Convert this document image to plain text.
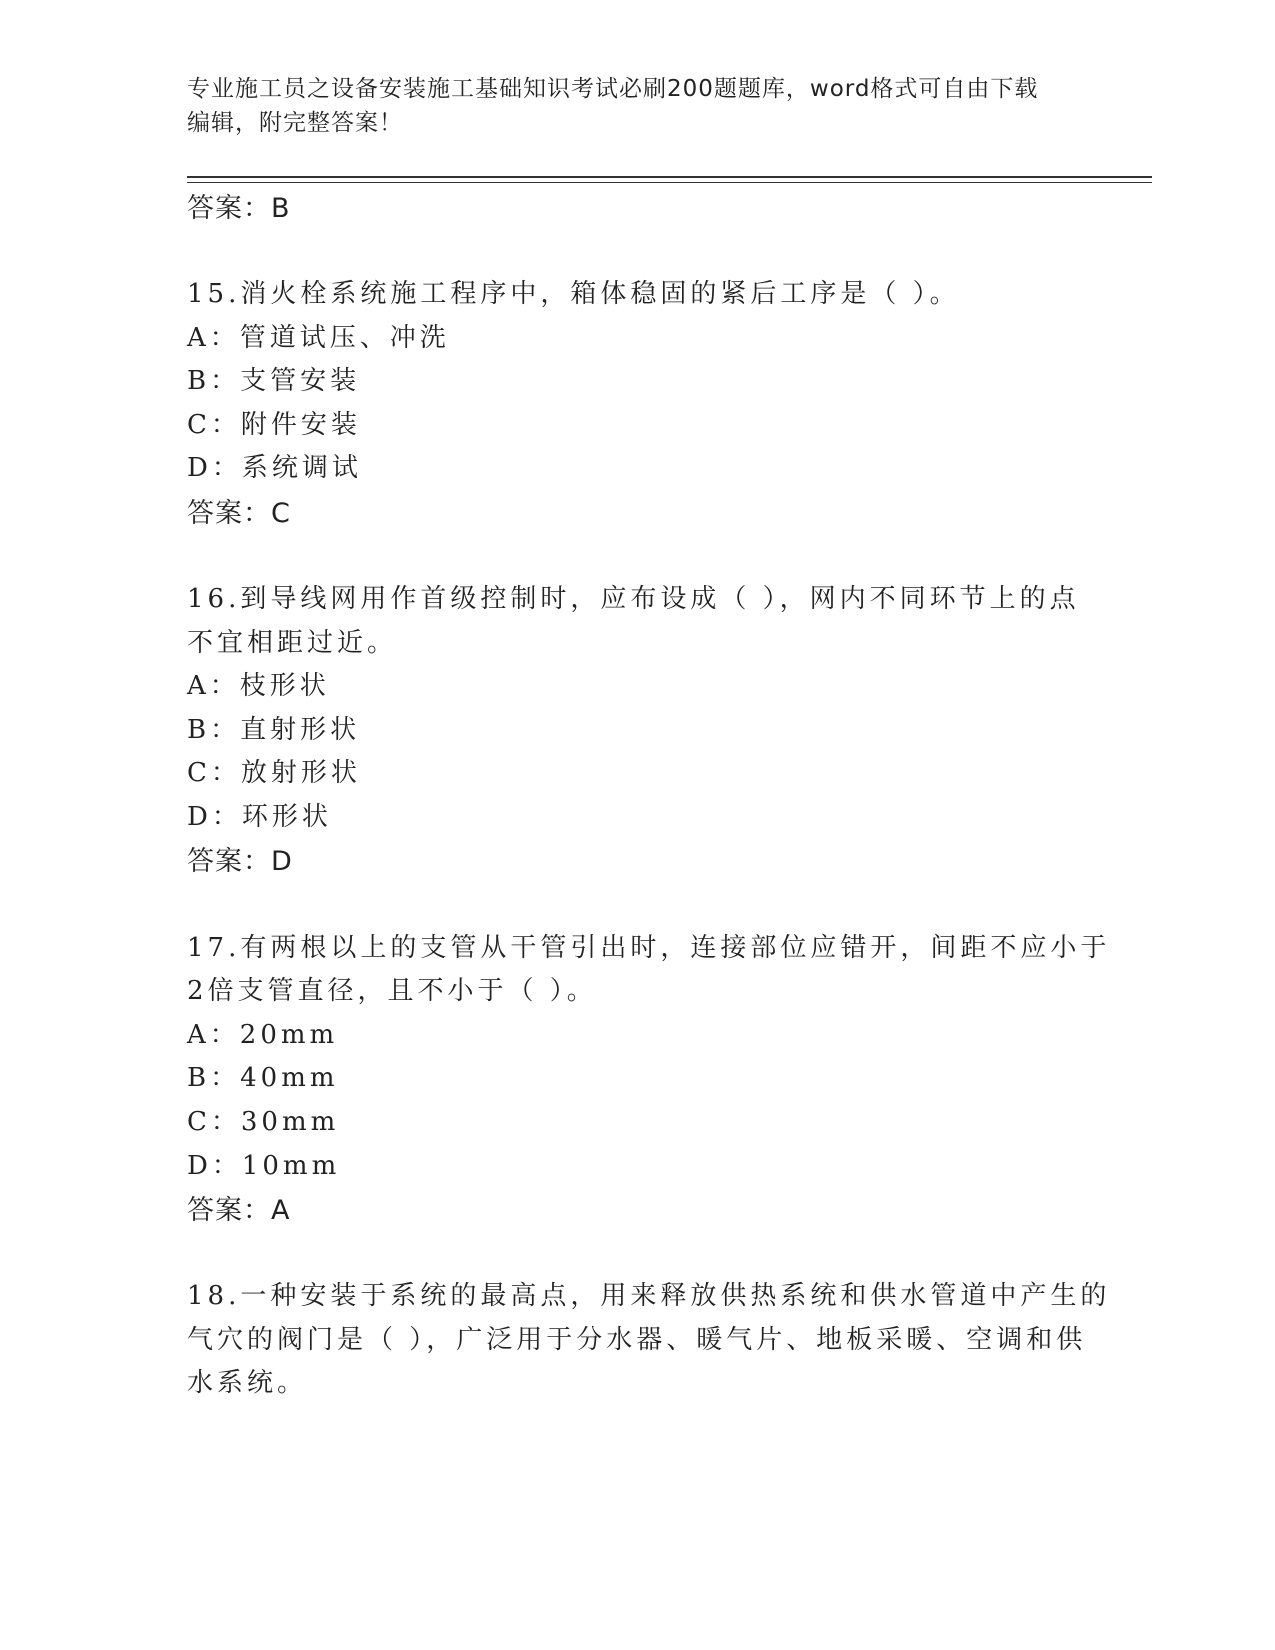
专业施工员之设备安装施工基础知识考试必刷200题题库，word格式可自由下载
编辑，附完整答案！
答案：B
15.消火栓系统施工程序中，箱体稳固的紧后工序是（ ）。
A：管道试压、冲洗
B：支管安装
C：附件安装
D：系统调试
答案：C
16.到导线网用作首级控制时，应布设成（ ），网内不同环节上的点
不宜相距过近。
A：枝形状
B：直射形状
C：放射形状
D：环形状
答案：D
17.有两根以上的支管从干管引出时，连接部位应错开，间距不应小于
2倍支管直径，且不小于（ ）。
A：20mm
B：40mm
C：30mm
D：10mm
答案：A
18.一种安装于系统的最高点，用来释放供热系统和供水管道中产生的
气穴的阀门是（ ），广泛用于分水器、暖气片、地板采暖、空调和供
水系统。
